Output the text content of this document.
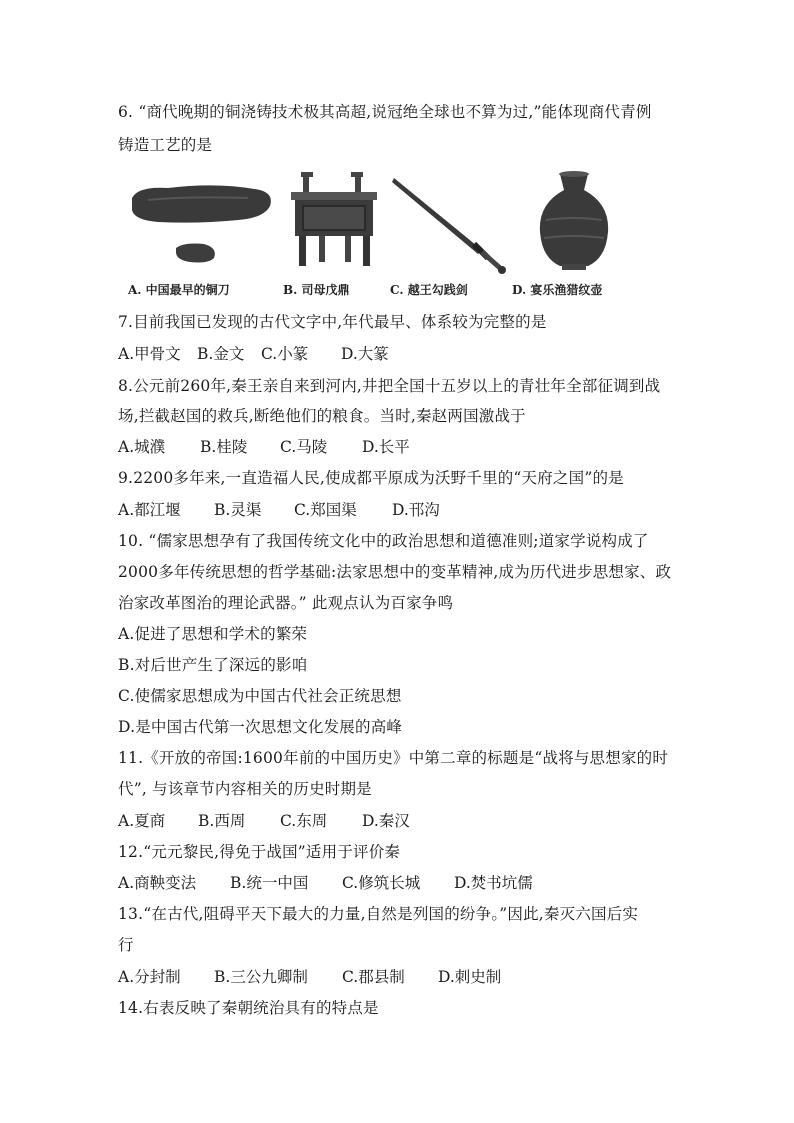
6. “商代晚期的铜浇铸技术极其高超,说冠绝全球也不算为过,”能体现商代青例
铸造工艺的是
A. 中国最早的铜刀	B. 司母戊鼎	C. 越王勾践剑	D. 宴乐渔猎纹壶
7.目前我国已发现的古代文字中,年代最早、体系较为完整的是
A.甲骨文 B.金文 C.小篆 D.大篆
8.公元前260年,秦王亲自来到河内,井把全国十五岁以上的青壮年全部征调到战
场,拦截赵国的救兵,断绝他们的粮食。当时,秦赵两国激战于
A.城濮 B.桂陵 C.马陵 D.长平
9.2200多年来,一直造福人民,使成都平原成为沃野千里的“天府之国”的是
A.都江堰 B.灵渠 C.郑国渠 D.邗沟
10. “儒家思想孕有了我国传统文化中的政治思想和道德准则;道家学说构成了
2000多年传统思想的哲学基础:法家思想中的变革精神,成为历代进步思想家、政
治家改革图治的理论武器。” 此观点认为百家争鸣
A.促进了思想和学术的繁荣
B.对后世产生了深远的影咱
C.使儒家思想成为中国古代社会正统思想
D.是中国古代第一次思想文化发展的高峰
11.《开放的帝国:1600年前的中国历史》中第二章的标题是“战将与思想家的时
代”, 与该章节内容相关的历史时期是
A.夏商 B.西周 C.东周 D.秦汉
12.“元元黎民,得免于战国”适用于评价秦
A.商鞅变法 B.统一中国 C.修筑长城 D.焚书坑儒
13.“在古代,阻碍平天下最大的力量,自然是列国的纷争。”因此,秦灭六国后实
行
A.分封制 B.三公九卿制 C.郡县制 D.刺史制
14.右表反映了秦朝统治具有的特点是
